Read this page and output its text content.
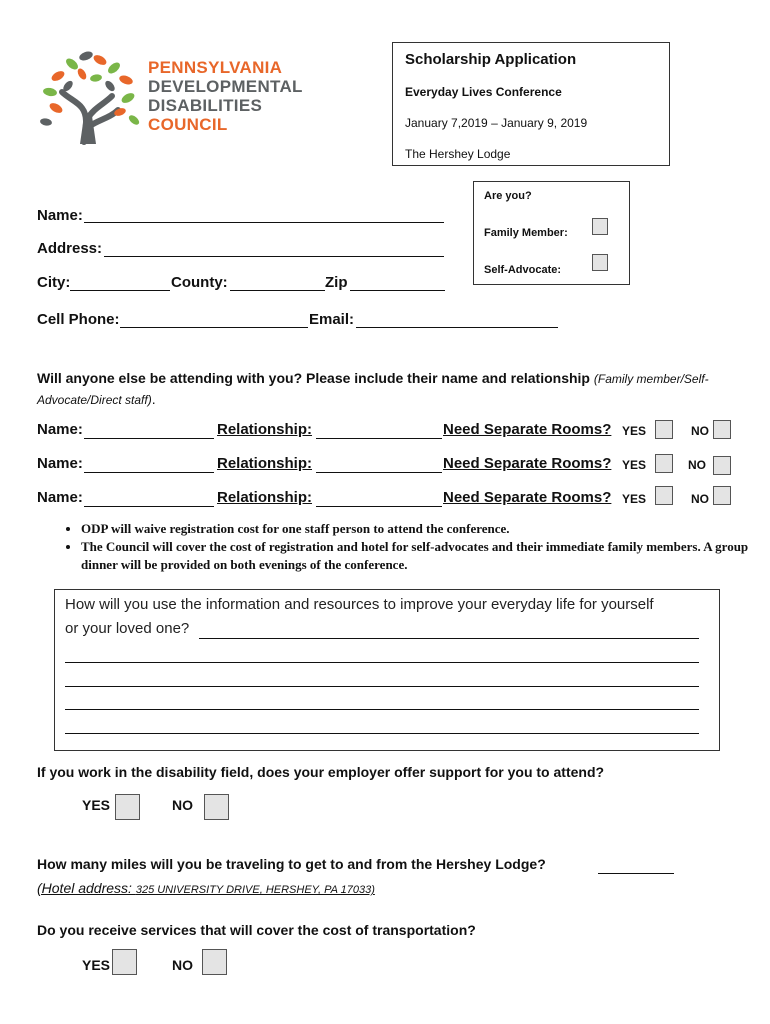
PENNSYLVANIA
DEVELOPMENTAL
DISABILITIES
COUNCIL
Scholarship Application
Everyday Lives Conference
January 7,2019 – January 9, 2019
The Hershey Lodge
Are you?
Family Member:
Self-Advocate:
Name:
Address:
City:	County:	Zip
Cell Phone:	Email:
Will anyone else be attending with you? Please include their name and relationship (Family member/Self-Advocate/Direct staff).
Name:	Relationship:	Need Separate Rooms? YES	NO
Name:	Relationship:	Need Separate Rooms? YES	NO
Name:	Relationship:	Need Separate Rooms? YES	NO
• ODP will waive registration cost for one staff person to attend the conference.
• The Council will cover the cost of registration and hotel for self-advocates and their immediate family members. A group dinner will be provided on both evenings of the conference.
How will you use the information and resources to improve your everyday life for yourself
or your loved one?
If you work in the disability field, does your employer offer support for you to attend?
YES	NO
How many miles will you be traveling to get to and from the Hershey Lodge?
(Hotel address: 325 UNIVERSITY DRIVE, HERSHEY, PA 17033)
Do you receive services that will cover the cost of transportation?
YES	NO
